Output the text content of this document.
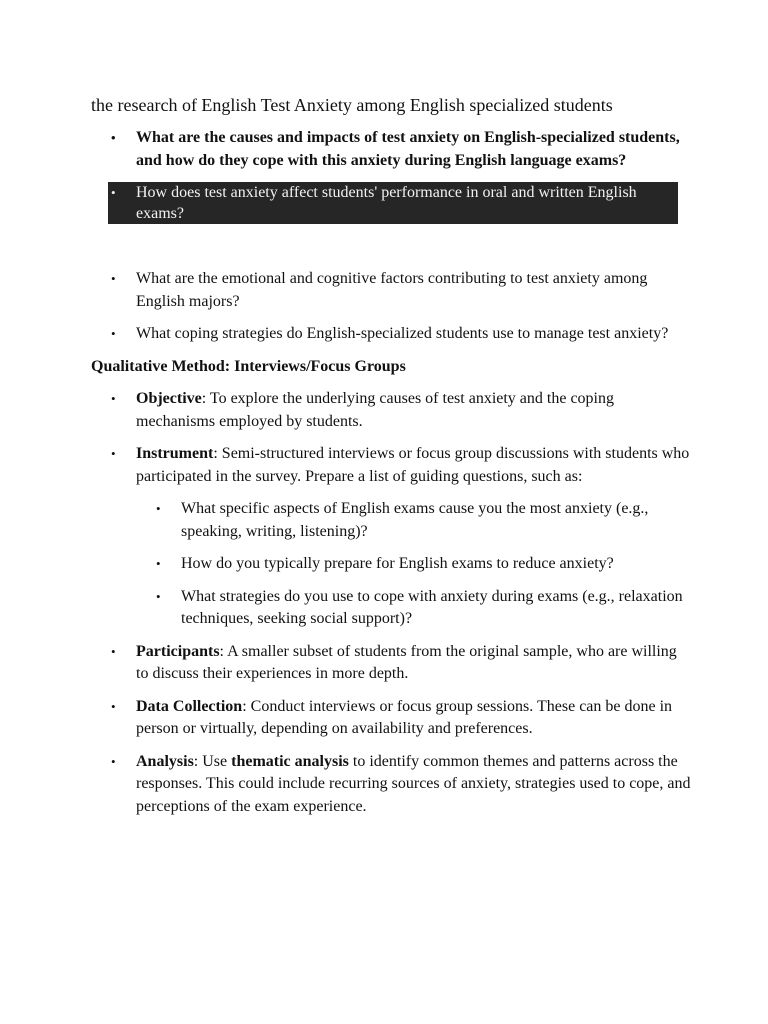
the research of English Test Anxiety among English specialized students
• What are the causes and impacts of test anxiety on English-specialized students, and how do they cope with this anxiety during English language exams?
• How does test anxiety affect students' performance in oral and written English exams?
• What are the emotional and cognitive factors contributing to test anxiety among English majors?
• What coping strategies do English-specialized students use to manage test anxiety?
Qualitative Method: Interviews/Focus Groups
• Objective: To explore the underlying causes of test anxiety and the coping mechanisms employed by students.
• Instrument: Semi-structured interviews or focus group discussions with students who participated in the survey. Prepare a list of guiding questions, such as:
• What specific aspects of English exams cause you the most anxiety (e.g., speaking, writing, listening)?
• How do you typically prepare for English exams to reduce anxiety?
• What strategies do you use to cope with anxiety during exams (e.g., relaxation techniques, seeking social support)?
• Participants: A smaller subset of students from the original sample, who are willing to discuss their experiences in more depth.
• Data Collection: Conduct interviews or focus group sessions. These can be done in person or virtually, depending on availability and preferences.
• Analysis: Use thematic analysis to identify common themes and patterns across the responses. This could include recurring sources of anxiety, strategies used to cope, and perceptions of the exam experience.
